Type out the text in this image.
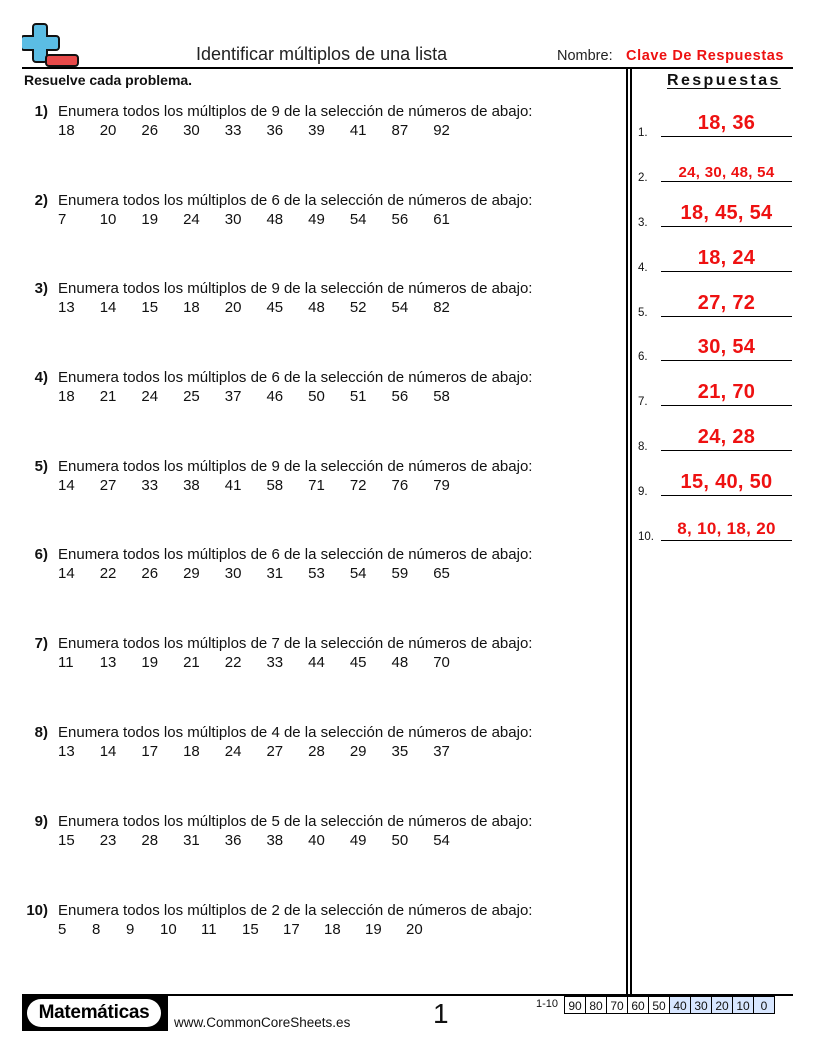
Identificar múltiplos de una lista	Nombre: Clave De Respuestas
Resuelve cada problema.	Respuestas
1) Enumera todos los múltiplos de 9 de la selección de números de abajo:
18	20	26	30	33	36	39	41	87	92
2) Enumera todos los múltiplos de 6 de la selección de números de abajo:
7	10	19	24	30	48	49	54	56	61
3) Enumera todos los múltiplos de 9 de la selección de números de abajo:
13	14	15	18	20	45	48	52	54	82
4) Enumera todos los múltiplos de 6 de la selección de números de abajo:
18	21	24	25	37	46	50	51	56	58
5) Enumera todos los múltiplos de 9 de la selección de números de abajo:
14	27	33	38	41	58	71	72	76	79
6) Enumera todos los múltiplos de 6 de la selección de números de abajo:
14	22	26	29	30	31	53	54	59	65
7) Enumera todos los múltiplos de 7 de la selección de números de abajo:
11	13	19	21	22	33	44	45	48	70
8) Enumera todos los múltiplos de 4 de la selección de números de abajo:
13	14	17	18	24	27	28	29	35	37
9) Enumera todos los múltiplos de 5 de la selección de números de abajo:
15	23	28	31	36	38	40	49	50	54
10) Enumera todos los múltiplos de 2 de la selección de números de abajo:
5	8	9	10	11	15	17	18	19	20
1.	18, 36
2.	24, 30, 48, 54
3.	18, 45, 54
4.	18, 24
5.	27, 72
6.	30, 54
7.	21, 70
8.	24, 28
9.	15, 40, 50
10.	8, 10, 18, 20
Matemáticas	www.CommonCoreSheets.es	1	1-10 90 80 70 60 50 40 30 20 10 0
